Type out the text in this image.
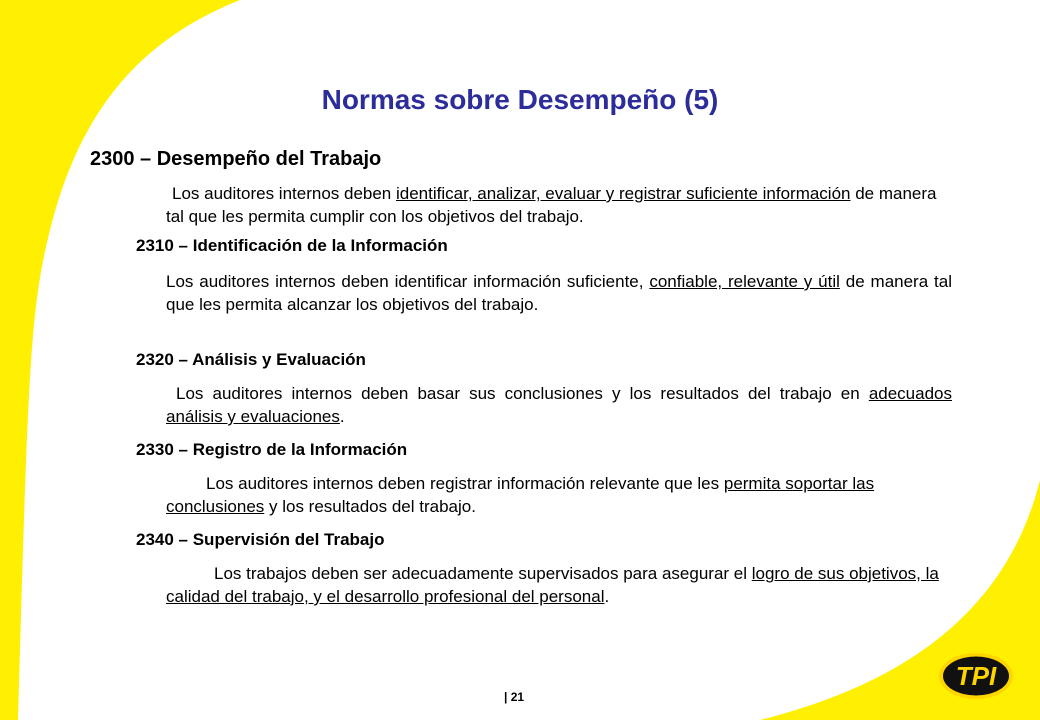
Normas sobre Desempeño (5)
2300 – Desempeño del Trabajo

Los auditores internos deben identificar, analizar, evaluar y registrar suficiente información de manera tal que les permita cumplir con los objetivos del trabajo.

2310 – Identificación de la Información

Los auditores internos deben identificar información suficiente, confiable, relevante y útil de manera tal que les permita alcanzar los objetivos del trabajo.

2320 – Análisis y Evaluación

Los auditores internos deben basar sus conclusiones y los resultados del trabajo en adecuados análisis y evaluaciones.

2330 – Registro de la Información

Los auditores internos deben registrar información relevante que les permita soportar las conclusiones y los resultados del trabajo.

2340 – Supervisión del Trabajo

Los trabajos deben ser adecuadamente supervisados para asegurar el logro de sus objetivos, la calidad del trabajo, y el desarrollo profesional del personal.

| 21
TPI
